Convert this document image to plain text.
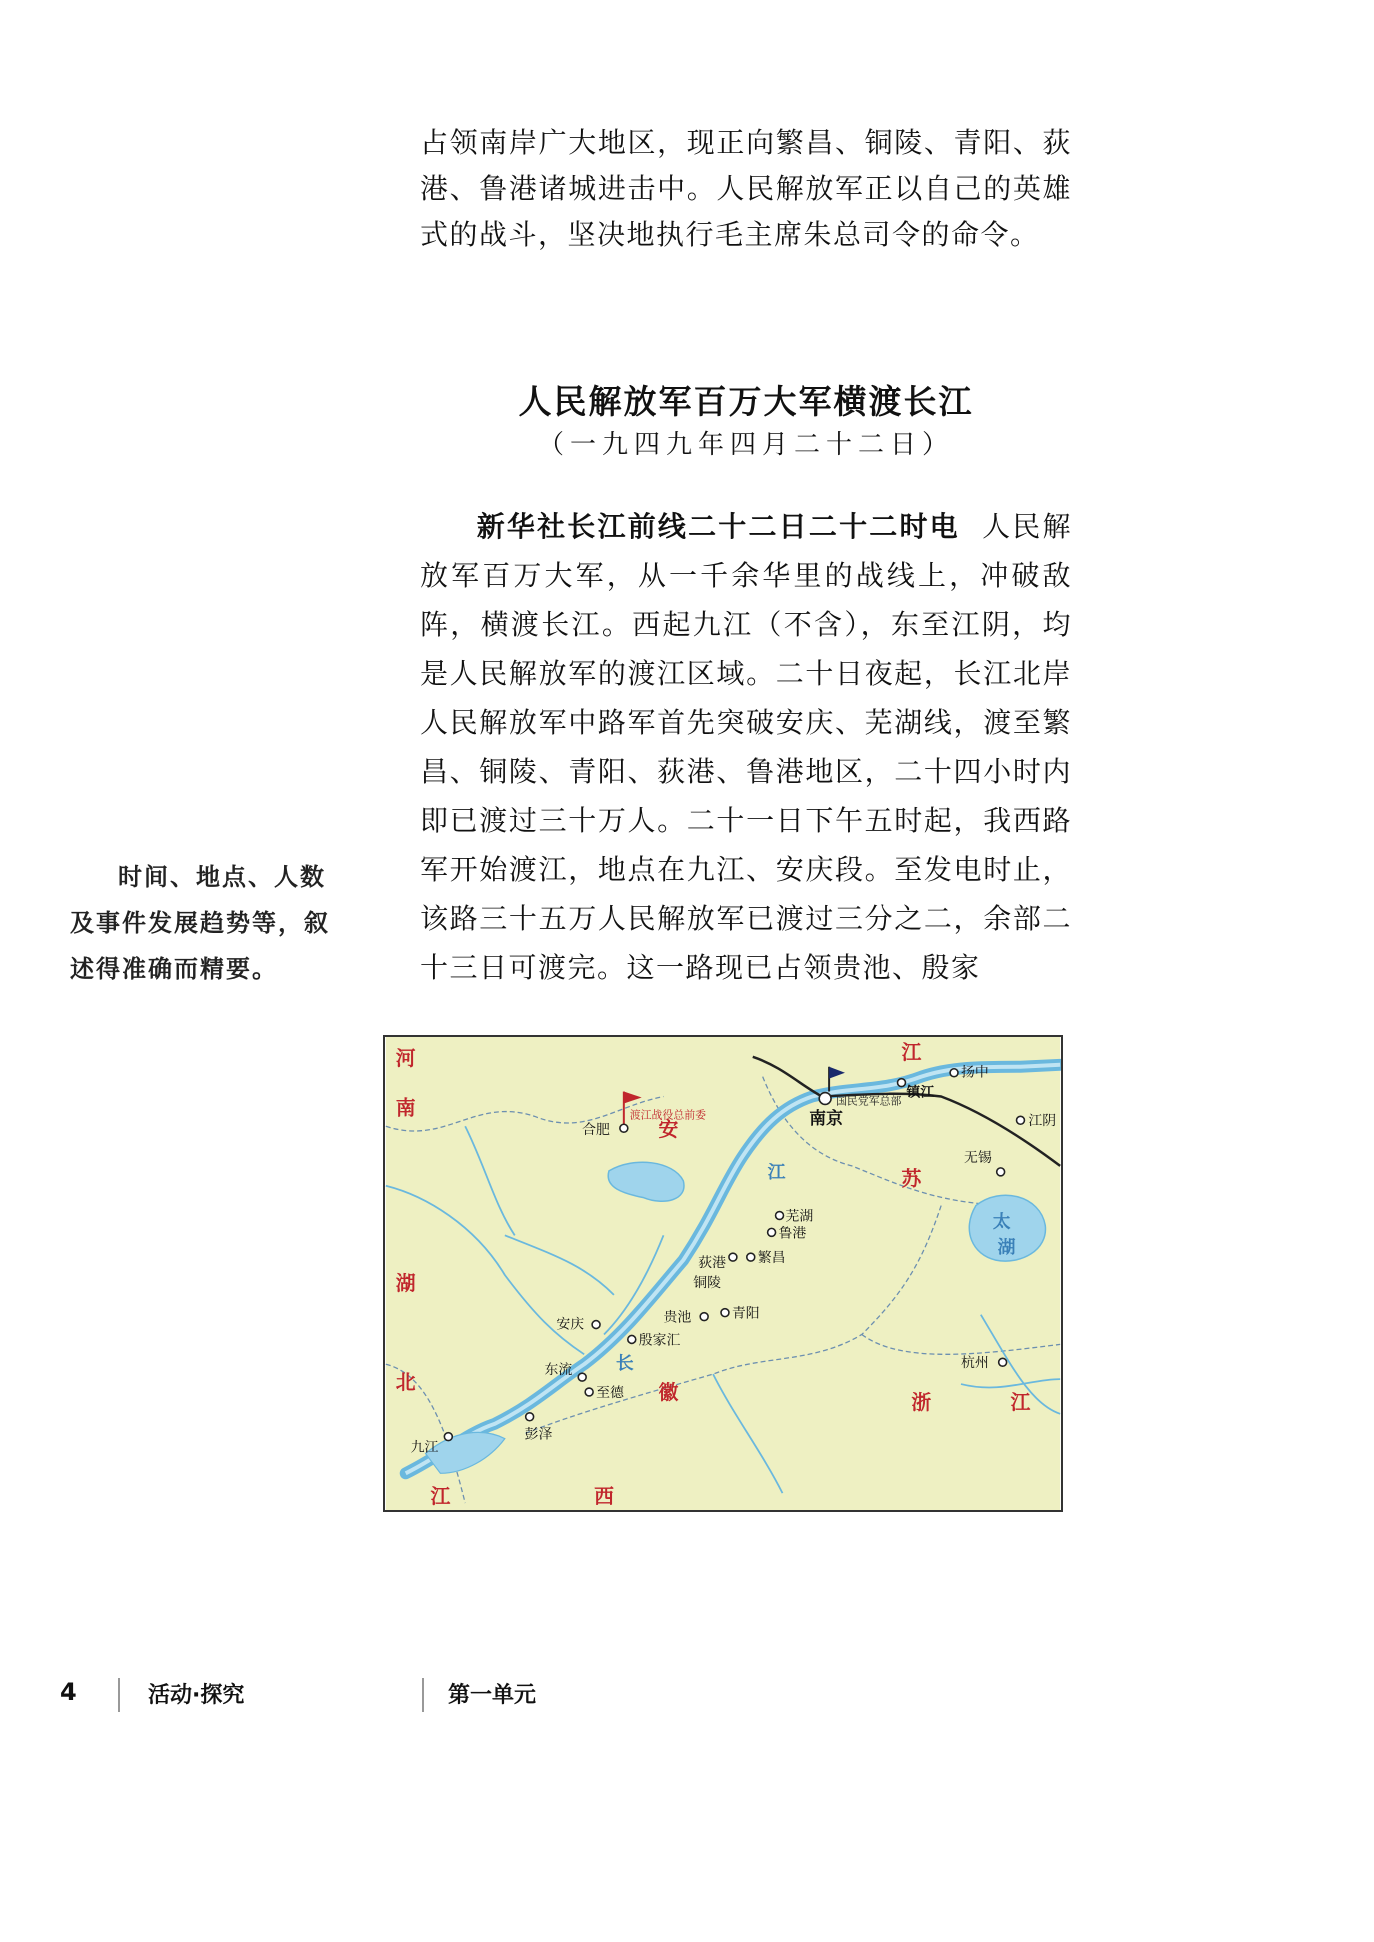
占领南岸广大地区，现正向繁昌、铜陵、青阳、荻港、鲁港诸城进击中。人民解放军正以自己的英雄式的战斗，坚决地执行毛主席朱总司令的命令。
人民解放军百万大军横渡长江
（一九四九年四月二十二日）
新华社长江前线二十二日二十二时电 人民解放军百万大军，从一千余华里的战线上，冲破敌阵，横渡长江。西起九江（不含），东至江阴，均是人民解放军的渡江区域。二十日夜起，长江北岸人民解放军中路军首先突破安庆、芜湖线，渡至繁昌、铜陵、青阳、荻港、鲁港地区，二十四小时内即已渡过三十万人。二十一日下午五时起，我西路军开始渡江，地点在九江、安庆段。至发电时止，该路三十五万人民解放军已渡过三分之二，余部二十三日可渡完。这一路现已占领贵池、殷家
时间、地点、人数及事件发展趋势等，叙述得准确而精要。
河
南
湖
北
安
徽
江
苏
浙	江
江	西
长
江
太
湖
渡江战役总前委
国民党军总部
合肥
南京
镇江
扬中
江阴
无锡
芜湖
鲁港
荻港 繁昌
铜陵
贵池	青阳
安庆
殷家汇
东流
至德
彭泽
九江
杭州
4	活动·探究	第一单元
